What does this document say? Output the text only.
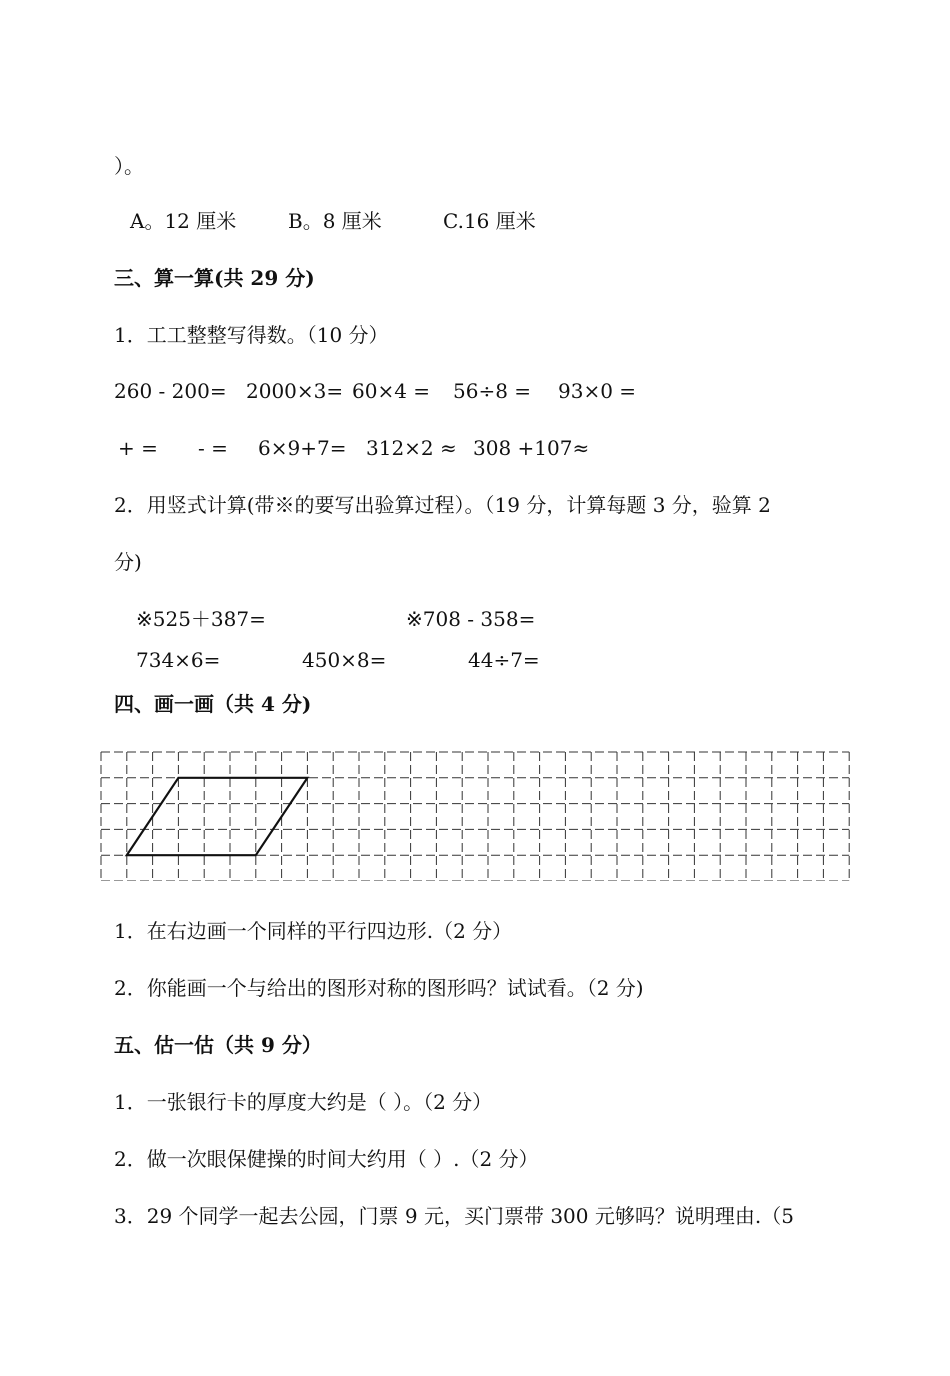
）。
A。12 厘米	B。8 厘米	C.16 厘米
三、算一算(共 29 分)
1．工工整整写得数。（10 分）
260 - 200= 2000×3= 60×4 = 56÷8 = 93×0 =
+ = - = 6×9+7= 312×2 ≈ 308 +107≈
2．用竖式计算(带※的要写出验算过程）。（19 分，计算每题 3 分，验算 2
分)
※525＋387=	※708 - 358=
734×6=	450×8=	44÷7=
四、画一画（共 4 分)
1．在右边画一个同样的平行四边形.（2 分）
2．你能画一个与给出的图形对称的图形吗？试试看。（2 分)
五、估一估（共 9 分）
1．一张银行卡的厚度大约是（ ）。（2 分）
2．做一次眼保健操的时间大约用（ ）.（2 分）
3．29 个同学一起去公园，门票 9 元，买门票带 300 元够吗？说明理由.（5
